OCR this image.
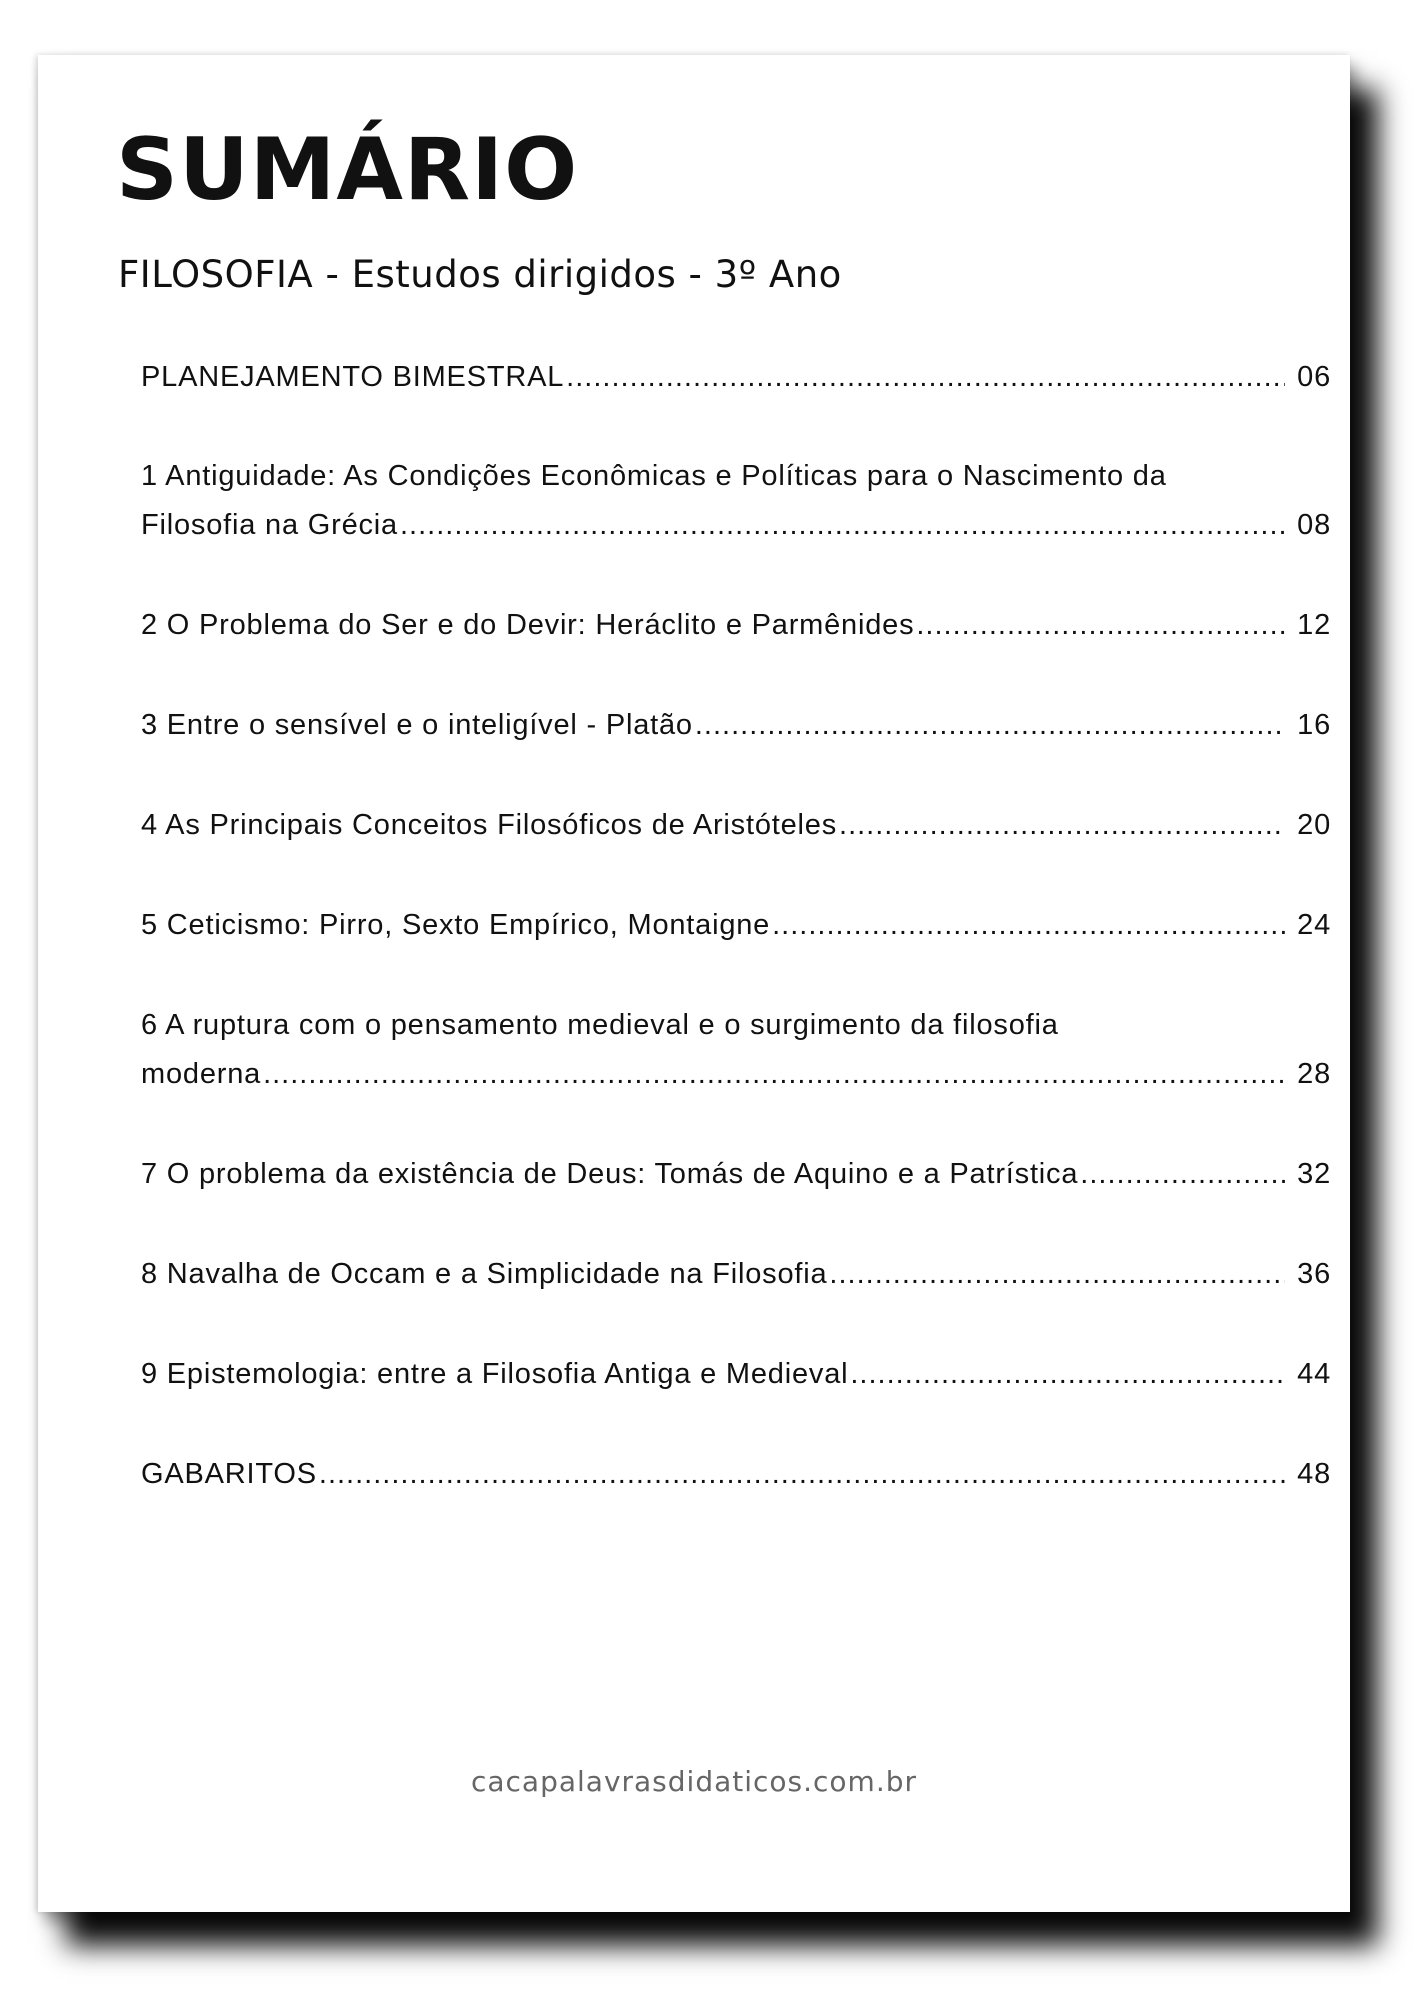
SUMÁRIO
FILOSOFIA - Estudos dirigidos - 3º Ano
PLANEJAMENTO BIMESTRAL .....	06
1 Antiguidade: As Condições Econômicas e Políticas para o Nascimento da
Filosofia na Grécia .....	08
2 O Problema do Ser e do Devir: Heráclito e Parmênides .....	12
3 Entre o sensível e o inteligível - Platão .....	16
4 As Principais Conceitos Filosóficos de Aristóteles .....	20
5 Ceticismo: Pirro, Sexto Empírico, Montaigne .....	24
6 A ruptura com o pensamento medieval e o surgimento da filosofia
moderna .....	28
7 O problema da existência de Deus: Tomás de Aquino e a Patrística .....	32
8 Navalha de Occam e a Simplicidade na Filosofia .....	36
9 Epistemologia: entre a Filosofia Antiga e Medieval .....	44
GABARITOS .....	48
cacapalavrasdidaticos.com.br
